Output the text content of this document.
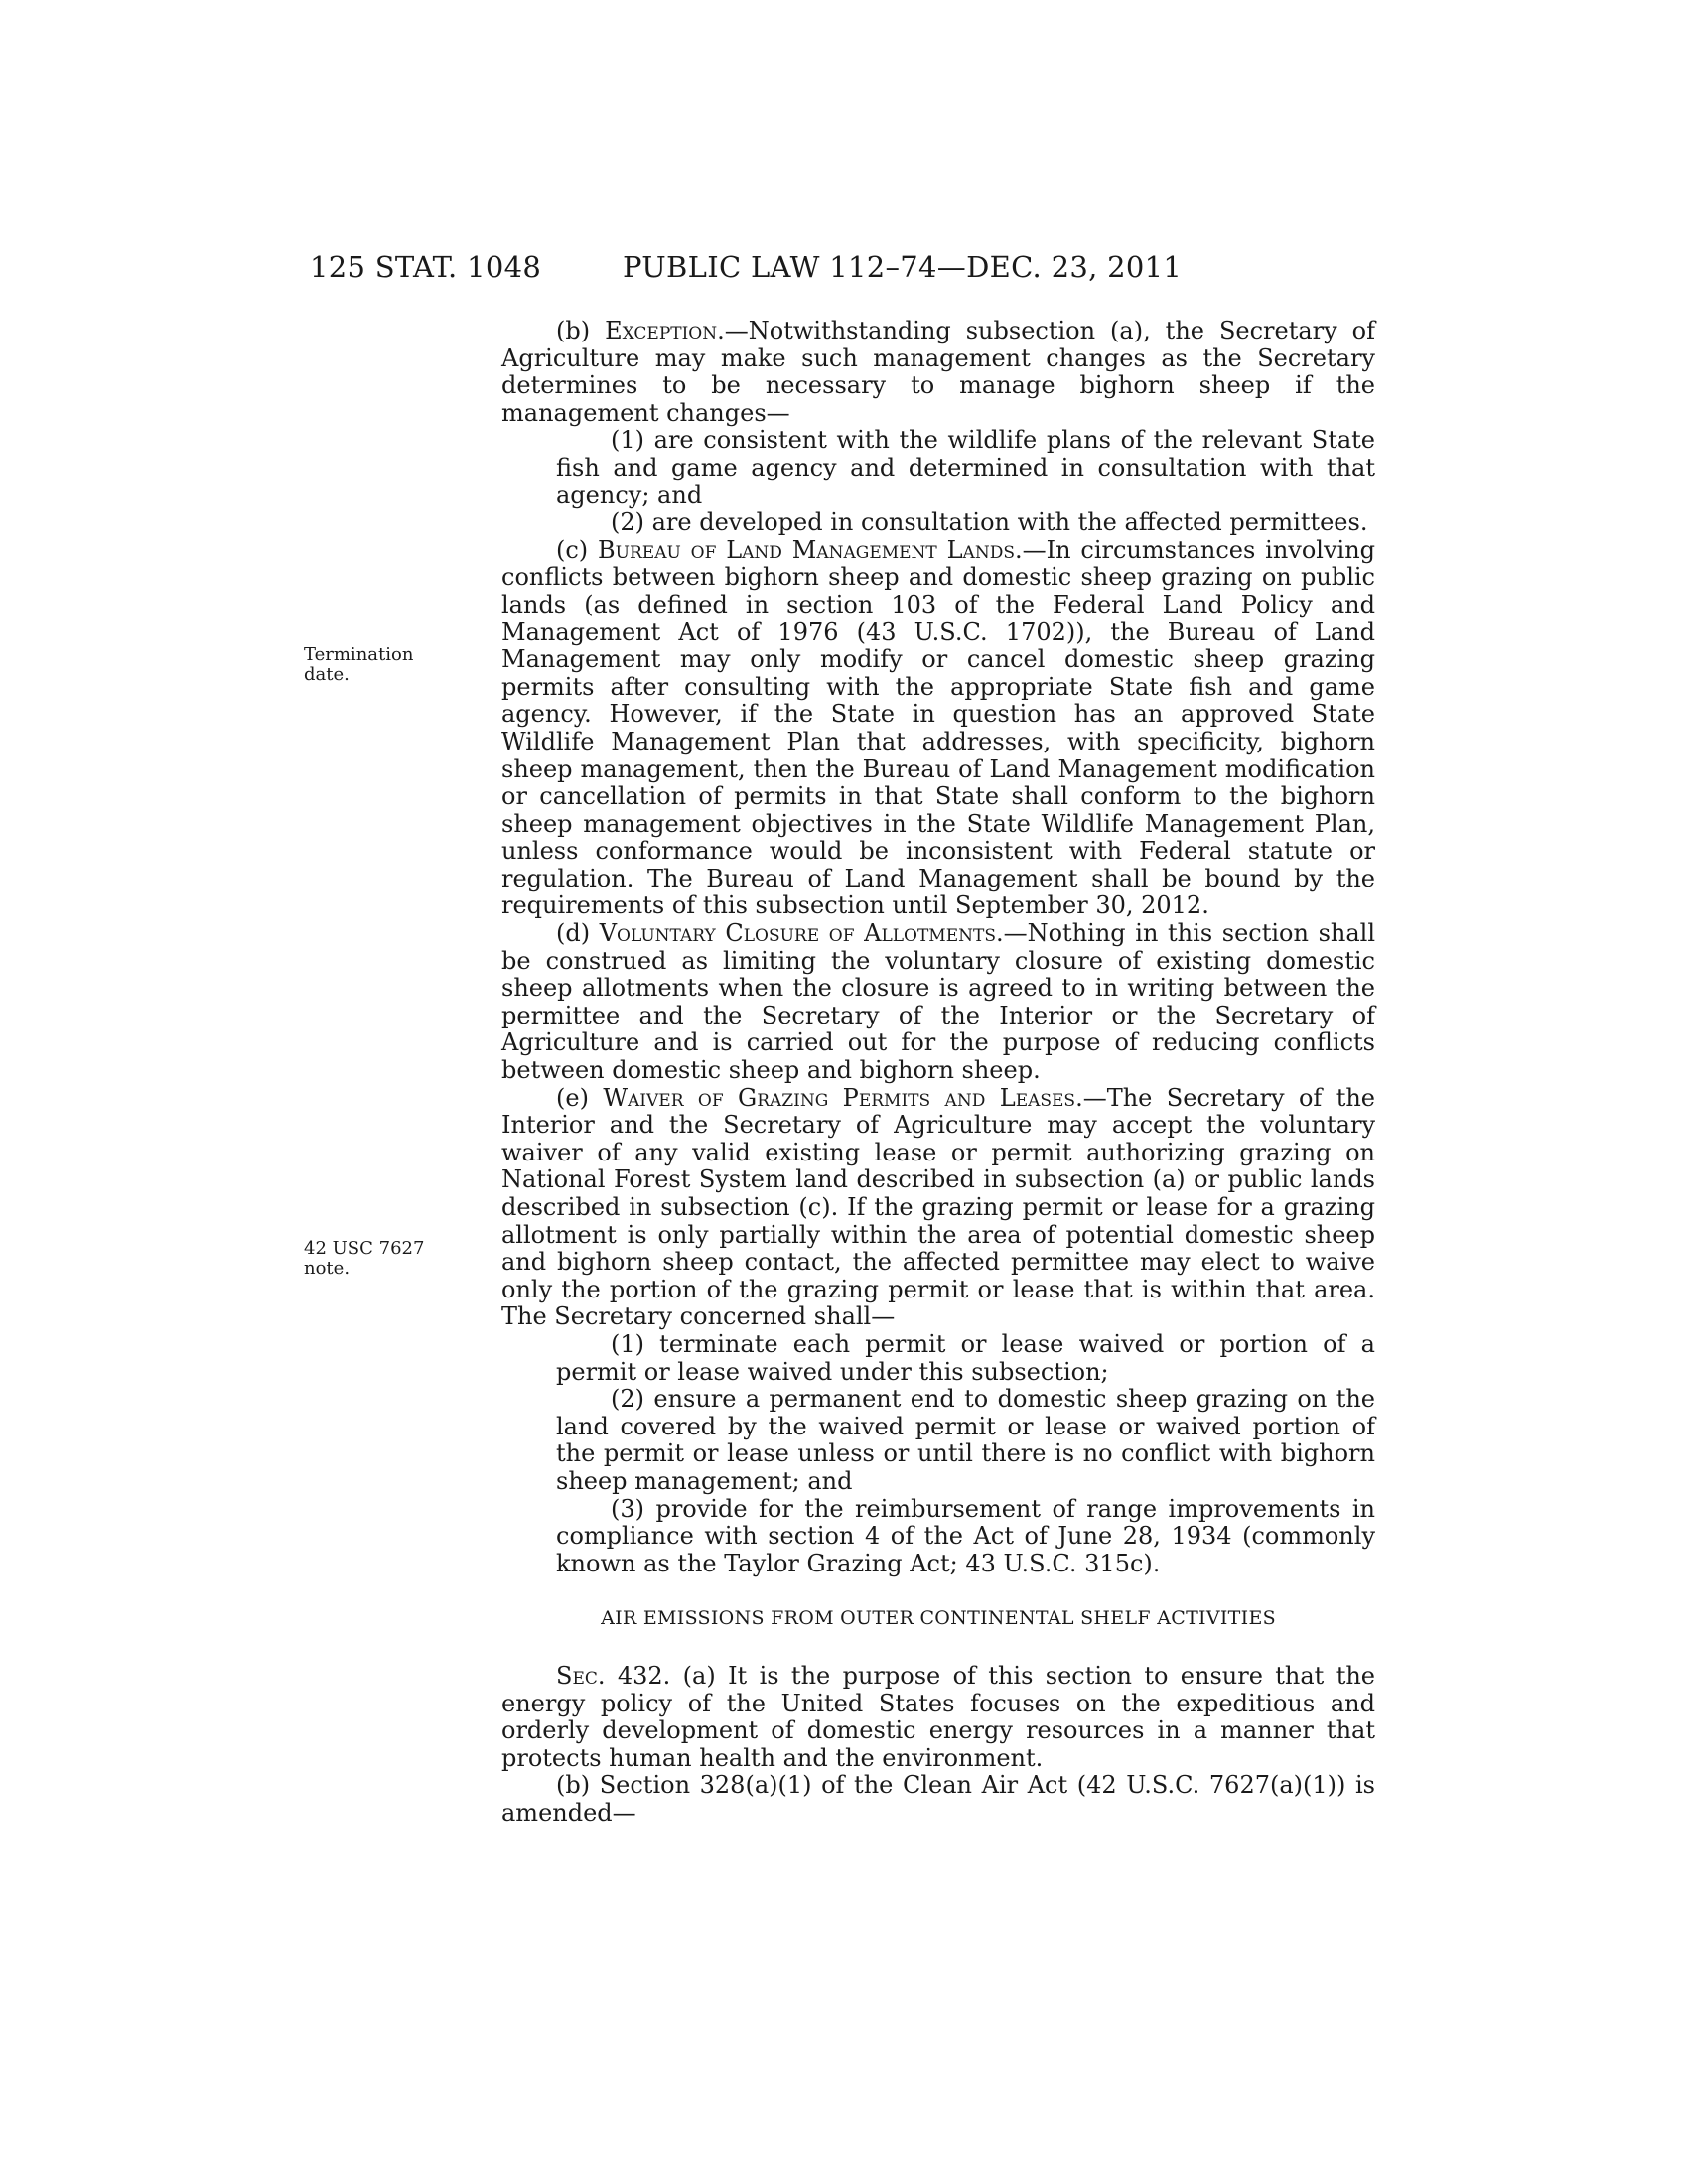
125 STAT. 1048	PUBLIC LAW 112–74—DEC. 23, 2011
Termination
date.
42 USC 7627
note.

(b) Exception.—Notwithstanding subsection (a), the Secretary of Agriculture may make such management changes as the Secretary determines to be necessary to manage bighorn sheep if the management changes—

(1) are consistent with the wildlife plans of the relevant State fish and game agency and determined in consultation with that agency; and

(2) are developed in consultation with the affected permittees.

(c) Bureau of Land Management Lands.—In circumstances involving conflicts between bighorn sheep and domestic sheep grazing on public lands (as defined in section 103 of the Federal Land Policy and Management Act of 1976 (43 U.S.C. 1702)), the Bureau of Land Management may only modify or cancel domestic sheep grazing permits after consulting with the appropriate State fish and game agency. However, if the State in question has an approved State Wildlife Management Plan that addresses, with specificity, bighorn sheep management, then the Bureau of Land Management modification or cancellation of permits in that State shall conform to the bighorn sheep management objectives in the State Wildlife Management Plan, unless conformance would be inconsistent with Federal statute or regulation. The Bureau of Land Management shall be bound by the requirements of this subsection until September 30, 2012.

(d) Voluntary Closure of Allotments.—Nothing in this section shall be construed as limiting the voluntary closure of existing domestic sheep allotments when the closure is agreed to in writing between the permittee and the Secretary of the Interior or the Secretary of Agriculture and is carried out for the purpose of reducing conflicts between domestic sheep and bighorn sheep.

(e) Waiver of Grazing Permits and Leases.—The Secretary of the Interior and the Secretary of Agriculture may accept the voluntary waiver of any valid existing lease or permit authorizing grazing on National Forest System land described in subsection (a) or public lands described in subsection (c). If the grazing permit or lease for a grazing allotment is only partially within the area of potential domestic sheep and bighorn sheep contact, the affected permittee may elect to waive only the portion of the grazing permit or lease that is within that area. The Secretary concerned shall—

(1) terminate each permit or lease waived or portion of a permit or lease waived under this subsection;

(2) ensure a permanent end to domestic sheep grazing on the land covered by the waived permit or lease or waived portion of the permit or lease unless or until there is no conflict with bighorn sheep management; and

(3) provide for the reimbursement of range improvements in compliance with section 4 of the Act of June 28, 1934 (commonly known as the Taylor Grazing Act; 43 U.S.C. 315c).

AIR EMISSIONS FROM OUTER CONTINENTAL SHELF ACTIVITIES

Sec. 432. (a) It is the purpose of this section to ensure that the energy policy of the United States focuses on the expeditious and orderly development of domestic energy resources in a manner that protects human health and the environment.

(b) Section 328(a)(1) of the Clean Air Act (42 U.S.C. 7627(a)(1)) is amended—
